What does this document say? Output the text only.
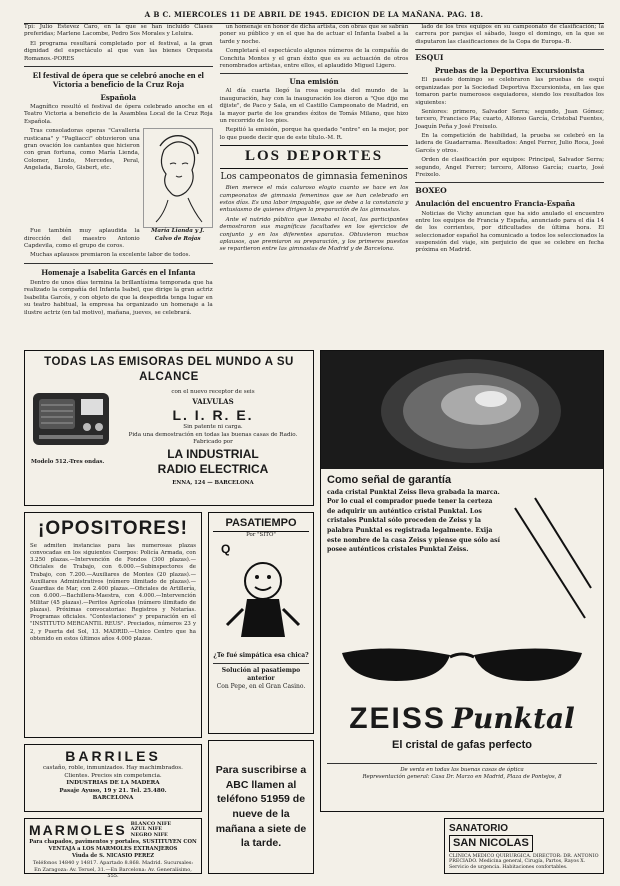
A B C. MIERCOLES 11 DE ABRIL DE 1945. EDICION DE LA MAÑANA. PAG. 18.

Tpi: Julio Estevez Caro, en la que se han incluido Clases preferidas; Marlene Lacombe, Pedro Sos Morales y Leluira.

El programa resultará completado por el festival, a la gran dignidad del espectáculo al que van las bienes Orquesta Romanos.-PORES

El festival de ópera que se celebró anoche en el Victoria a beneficio de la Cruz Roja
Española

Magnífico resultó el festival de ópera celebrado anoche en el Teatro Victoria a beneficio de la Asamblea Local de la Cruz Roja Española.

Tras consoladoras operas "Cavalleria rusticana" y "Pagliacci" obtuvieron una gran ovación los cantantes que hicieron con gran fortuna, como María Lienda, Colomer, Lindo, Mercedes, Peral, Angelada, Barolo, Gisbert, etc.

Fue también muy aplaudida la dirección del maestro Antonio Capdevila, como el grupo de coros.

María Lianda y J. Calvo de Rojas

Muchas aplausos premiaron la excelente labor de todos.

Homenaje a Isabelita Garcés en el Infanta

Dentro de unos días termina la brillantísima temporada que ha realizado la compañía del Infanta Isabel, que dirige la gran actriz Isabelita Garcés, y con objeto de que la despedida tenga lugar en su teatro habitual, la empresa ha organizado un homenaje a la ilustre actriz (en tal motivo), mañana, jueves, se celebrará.

un homenaje en honor de dicha artista, con obras que se sabrán poner su público y en el que ha de actuar el Infanta Isabel a la tarde y noche.

Completará el espectáculo algunos números de la compañía de Conchita Montes y el gran éxito que es su actuación de otros renombrados artistas, entre ellos, el aplaudido Miguel Ligero.

Una emisión

Al día cuarta llegó la rosa espuela del mundo de la inauguración, hay con la inauguración los dieron a "Que dijo me dijiste", de Paco y Sala, en el Castillo Campeonato de Madrid, en la mayor parte de los grandes éxitos de Tomás Milano, que hizo un recorrido de los pies.

Repitió la emisión, porque ha quedado "entre" en la mejor, por lo que puede decir que de este título.-M. R.

LOS DEPORTES
Los campeonatos de gimnasia femeninos

Bien merece el más caluroso elogio cuanto se hace en los campeonatos de gimnasia femeninos que se han celebrado en estos días. Es una labor impagable, que se debe a la constancia y entusiasmo de quienes dirigen la preparación de las gimnastas.

Ante el nutrido público que llenaba el local, las participantes demostraron sus magníficas facultades en los ejercicios de conjunto y en los diferentes aparatos. Obtuvieron muchos aplausos, que premiaron su preparación, y los primeros puestos se repartieron entre las gimnastas de Madrid y de Barcelona.

lado de los tres equipos en su campeonato de clasificación; la carrera por parejas el sábado, luego el domingo, en la que se disputaron las clasificaciones de la Copa de Europa.-B.

ESQUI
Pruebas de la Deportiva Excursionista

El pasado domingo se celebraron las pruebas de esquí organizadas por la Sociedad Deportiva Excursionista, en las que tomaron parte numerosos esquiadores, siendo los resultados los siguientes:

Seniores: primero, Salvador Serra; segundo, Juan Gómez; tercero, Francisco Pla; cuarto, Alfonso García, Cristobal Fuentes, Joaquín Peña y José Freixelo.

En la competición de habilidad, la prueba se celebró en la ladera de Guadarrama. Resultados: Angel Ferrer, Julio Roca, José Garcés y otros.

Orden de clasificación por equipos: Principal, Salvador Serra; segundo, Angel Ferrer; tercero, Alfonso García; cuarto, José Freixelo.

BOXEO
Anulación del encuentro Francia-España

Noticias de Vichy anuncian que ha sido anulado el encuentro entre los equipos de Francia y España, anunciado para el día 14 de los corrientes, por dificultades de última hora. El seleccionador español ha comunicado a todos los seleccionados la suspensión del viaje, sin perjuicio de que se celebre en fecha próxima en Madrid.

TODAS LAS EMISORAS DEL MUNDO A SU ALCANCE
Modelo 512.-Tres ondas.
con el nuevo receptor de seis
VALVULAS
L. I. R. E.
Sin patente ni carga.
Pida una demostración en todas las buenas casas de Radio.
Fabricado por
LA INDUSTRIAL
RADIO ELECTRICA
ENNA, 124 — BARCELONA	Como señal de garantía
cada cristal Punktal Zeiss lleva grabada la marca. Por lo cual el comprador puede tener la certeza de adquirir un auténtico cristal Punktal. Los cristales Punktal sólo proceden de Zeiss y la palabra Punktal es registrada legalmente. Exija este nombre de la casa Zeiss y piense que sólo así posee auténticos cristales Punktal Zeiss.
ZEISS Punktal
El cristal de gafas perfecto
De venta en todas las buenas casas de óptica
Representación general: Casa Dr. Marzo en Madrid, Plaza de Pontejos, 8
¡OPOSITORES!
Se admiten instancias para las numerosas plazas convocadas en los siguientes Cuerpos: Policía Armada, con 3.250 plazas.—Intervención de Fondos (300 plazas).—Oficiales de Trabajo, con 6.000.—Subinspectores de Trabajo, con 7.200.—Auxiliares de Montes (20 plazas).—Auxiliares Administrativos (número ilimitado de plazas).—Guardias de Mar, con 2.400 plazas.—Oficiales de Artillería, con 6.000.—Bachillera-Maestra, con 4.000.—Intervención Militar (45 plazas).—Peritos Agrícolas (número ilimitado de plazas). Próximas convocatorias: Registros y Notarías. Programas oficiales. "Contestaciones" y preparación en el "INSTITUTO MERCANTIL REUS". Preciados, números 23 y 2, y Puerta del Sol, 13. MADRID.—Unico Centro que ha obtenido en estos últimos años 4.000 plazas.
PASATIEMPO
Por "SITO"
Q
¿Te fué simpática esa chica?
Solución al pasatiempo anterior
Con Pepe, en el Gran Casino.
BARRILES
castaño, roble, inmunizados. Hay machimbrados. Clientes. Precios sin competencia.
INDUSTRIAS DE LA MADERA
Pasaje Ayuso, 19 y 21. Tel. 25.480.
BARCELONA
MARMOLES BLANCO NIFE AZUL NIFE NEGRO NIFE
Para chapados, pavimentos y portales, SUSTITUYEN CON VENTAJA a LOS MARMOLES EXTRANJEROS
Viuda de S. NICASIO PEREZ
Teléfonos 14840 y 14817. Apartado 8.868. Madrid. Sucursales: En Zaragoza: Av. Teruel, 31.—En Barcelona: Av. Generalísimo, 555.
Para suscribirse a ABC llamen al teléfono 51959 de nueve de la mañana a siete de la tarde.
SANATORIO
SAN NICOLAS
CLINICA MEDICO QUIRURGICA. DIRECTOR: DR. ANTONIO PRECIADO. Medicina general, Cirugía, Partos, Rayos X. Servicio de urgencia. Habitaciones confortables.
